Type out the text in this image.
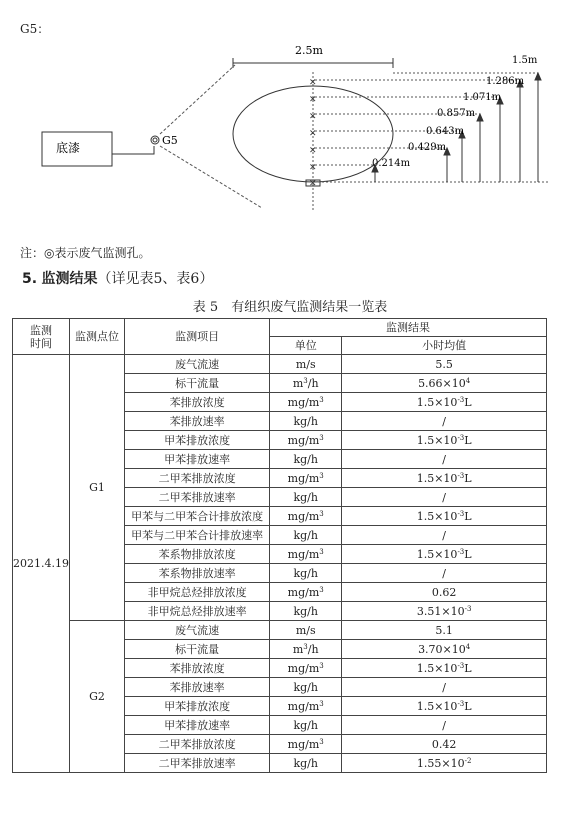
G5：
底漆
G5
2.5m
✕
✕
✕
✕
✕
✕
✕
1.5m
1.286m
1.071m
0.857m
0.643m
0.429m
0.214m
注：◎表示废气监测孔。
5. 监测结果（详见表5、表6）
表 5　有组织废气监测结果一览表
监测
时间	监测点位	监测项目	监测结果	
			单位	小时均值
2021.4.19	G1	废气流速	m/s	5.5
		标干流量	$m^3/h$	$5.66\times 10^4$
		苯排放浓度	$mg/m^3$	$1.5\times 10^{-3}L$
		苯排放速率	kg/h	/
		甲苯排放浓度	$mg/m^3$	$1.5\times 10^{-3}L$
		甲苯排放速率	kg/h	/
		二甲苯排放浓度	$mg/m^3$	$1.5\times 10^{-3}L$
		二甲苯排放速率	kg/h	/
		甲苯与二甲苯合计排放浓度	$mg/m^3$	$1.5\times 10^{-3}L$
		甲苯与二甲苯合计排放速率	kg/h	/
		苯系物排放浓度	$mg/m^3$	$1.5\times 10^{-3}L$
		苯系物排放速率	kg/h	/
		非甲烷总烃排放浓度	$mg/m^3$	0.62
		非甲烷总烃排放速率	kg/h	$3.51\times 10^{-3}$
	G2	废气流速	m/s	5.1
		标干流量	$m^3/h$	$3.70\times 10^4$
		苯排放浓度	$mg/m^3$	$1.5\times 10^{-3}L$
		苯排放速率	kg/h	/
		甲苯排放浓度	$mg/m^3$	$1.5\times 10^{-3}L$
		甲苯排放速率	kg/h	/
		二甲苯排放浓度	$mg/m^3$	0.42
		二甲苯排放速率	kg/h	$1.55\times 10^{-2}$
